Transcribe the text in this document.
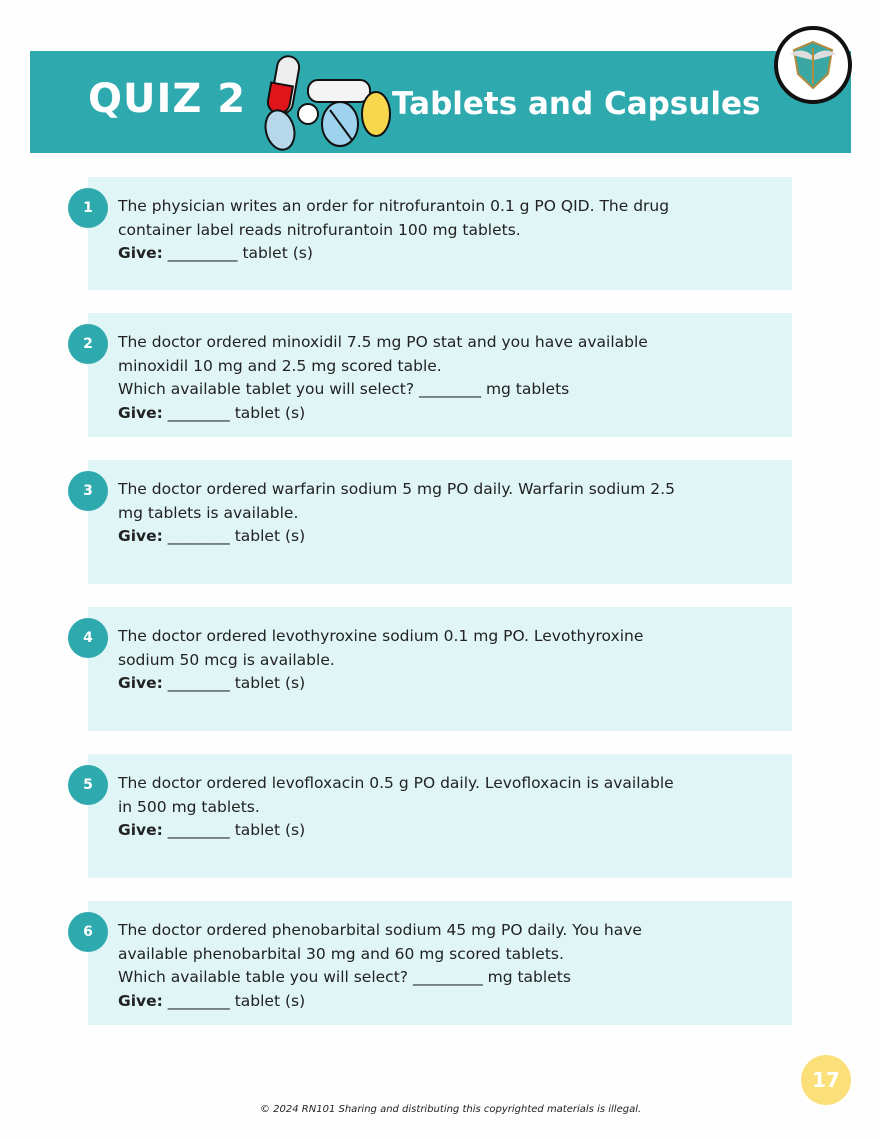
QUIZ 2	Tablets and Capsules
1	The physician writes an order for nitrofurantoin 0.1 g PO QID. The drug
container label reads nitrofurantoin 100 mg tablets.
Give: _________ tablet (s)
2	The doctor ordered minoxidil 7.5 mg PO stat and you have available
minoxidil 10 mg and 2.5 mg scored table.
Which available tablet you will select? ________ mg tablets
Give: ________ tablet (s)
3	The doctor ordered warfarin sodium 5 mg PO daily. Warfarin sodium 2.5
mg tablets is available.
Give: ________ tablet (s)
4	The doctor ordered levothyroxine sodium 0.1 mg PO. Levothyroxine
sodium 50 mcg is available.
Give: ________ tablet (s)
5	The doctor ordered levofloxacin 0.5 g PO daily. Levofloxacin is available
in 500 mg tablets.
Give: ________ tablet (s)
6	The doctor ordered phenobarbital sodium 45 mg PO daily. You have
available phenobarbital 30 mg and 60 mg scored tablets.
Which available table you will select? _________ mg tablets
Give: ________ tablet (s)
© 2024 RN101 Sharing and distributing this copyrighted materials is illegal.
17
